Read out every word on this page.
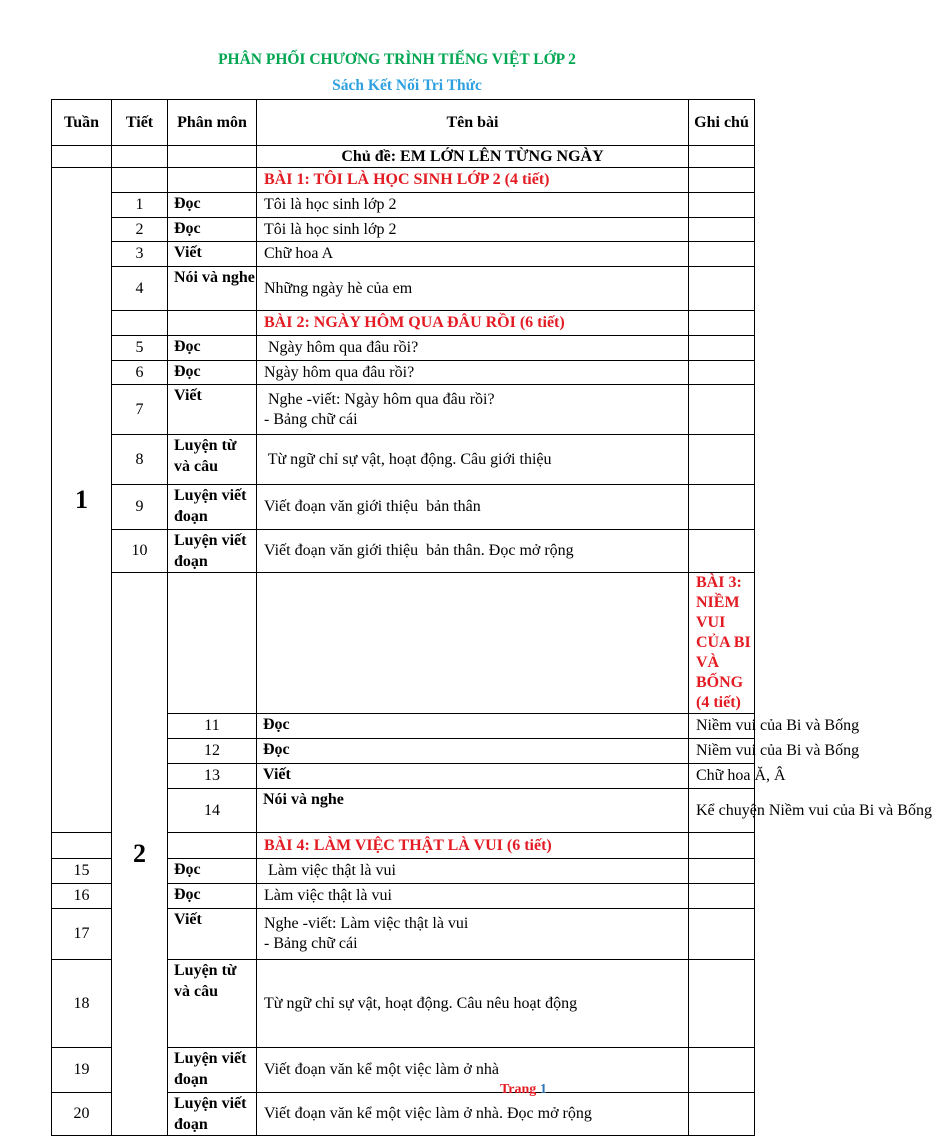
PHÂN PHỐI CHƯƠNG TRÌNH TIẾNG VIỆT LỚP 2
Sách Kết Nối Tri Thức
Tuần	Tiết	Phân môn	Tên bài	Ghi chú	
			Chủ đề: EM LỚN LÊN TỪNG NGÀY		
1			BÀI 1: TÔI LÀ HỌC SINH LỚP 2 (4 tiết)		
	1	Đọc	Tôi là học sinh lớp 2		

	2	Đọc	Tôi là học sinh lớp 2		

	3	Viết	Chữ hoa A		

	4	Nói và nghe	Những ngày hè của em		

			BÀI 2: NGÀY HÔM QUA ĐÂU RỒI (6 tiết)		
	5	Đọc	Ngày hôm qua đâu rồi?		

	6	Đọc	Ngày hôm qua đâu rồi?		

	7	Viết	Nghe -viết: Ngày hôm qua đâu rồi?
- Bảng chữ cái		

	8	Luyện từ và câu	Từ ngữ chỉ sự vật, hoạt động. Câu giới thiệu		

	9	Luyện viết đoạn	Viết đoạn văn giới thiệu  bản thân		

	10	Luyện viết đoạn	Viết đoạn văn giới thiệu  bản thân. Đọc mở rộng		

	2			BÀI 3: NIỀM VUI CỦA BI VÀ BỐNG (4 tiết)	
		11	Đọc	Niềm vui của Bi và Bống	

		12	Đọc	Niềm vui của Bi và Bống	

		13	Viết	Chữ hoa Ă, Â	

		14	Nói và nghe	Kể chuyện Niềm vui của Bi và Bống	

			BÀI 4: LÀM VIỆC THẬT LÀ VUI (6 tiết)		
15		Đọc	Làm việc thật là vui		

16		Đọc	Làm việc thật là vui		

17		Viết	Nghe -viết: Làm việc thật là vui
- Bảng chữ cái		

18		Luyện từ và câu	Từ ngữ chỉ sự vật, hoạt động. Câu nêu hoạt động		

19		Luyện viết đoạn	Viết đoạn văn kể một việc làm ở nhà		

20		Luyện viết đoạn	Viết đoạn văn kể một việc làm ở nhà. Đọc mở rộng		

Trang 1
